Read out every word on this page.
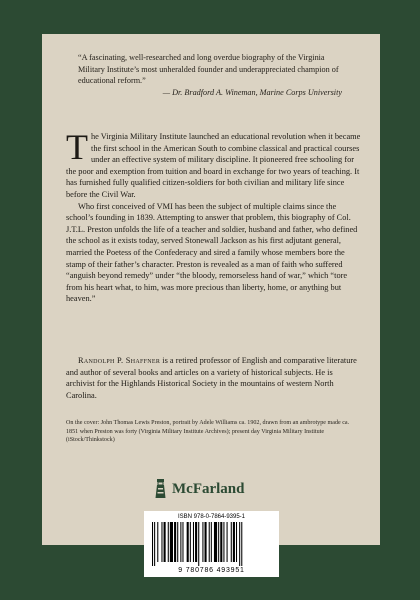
“A fascinating, well-researched and long overdue biography of the Virginia Military Institute’s most unheralded founder and underappreciated champion of educational reform.”
— Dr. Bradford A. Wineman, Marine Corps University

The Virginia Military Institute launched an educational revolution when it became the first school in the American South to combine classical and practical courses under an effective system of military discipline. It pioneered free schooling for the poor and exemption from tuition and board in exchange for two years of teaching. It has furnished fully qualified citizen-soldiers for both civilian and military life since before the Civil War.

Who first conceived of VMI has been the subject of multiple claims since the school’s founding in 1839. Attempting to answer that problem, this biography of Col. J.T.L. Preston unfolds the life of a teacher and soldier, husband and father, who defined the school as it exists today, served Stonewall Jackson as his first adjutant general, married the Poetess of the Confederacy and sired a family whose members bore the stamp of their father’s character. Preston is revealed as a man of faith who suffered “anguish beyond remedy” under “the bloody, remorseless hand of war,” which “tore from his heart what, to him, was more precious than liberty, home, or anything but heaven.”

Randolph P. Shaffner is a retired professor of English and comparative literature and author of several books and articles on a variety of historical subjects. He is archivist for the Highlands Historical Society in the mountains of western North Carolina.
On the cover: John Thomas Lewis Preston, portrait by Adele Williams ca. 1902, drawn from an ambrotype made ca. 1851 when Preston was forty (Virginia Military Institute Archives); present day Virginia Military Institute (iStock/Thinkstock)
McFarland
ISBN 978-0-7864-9395-1
9 780786 493951
